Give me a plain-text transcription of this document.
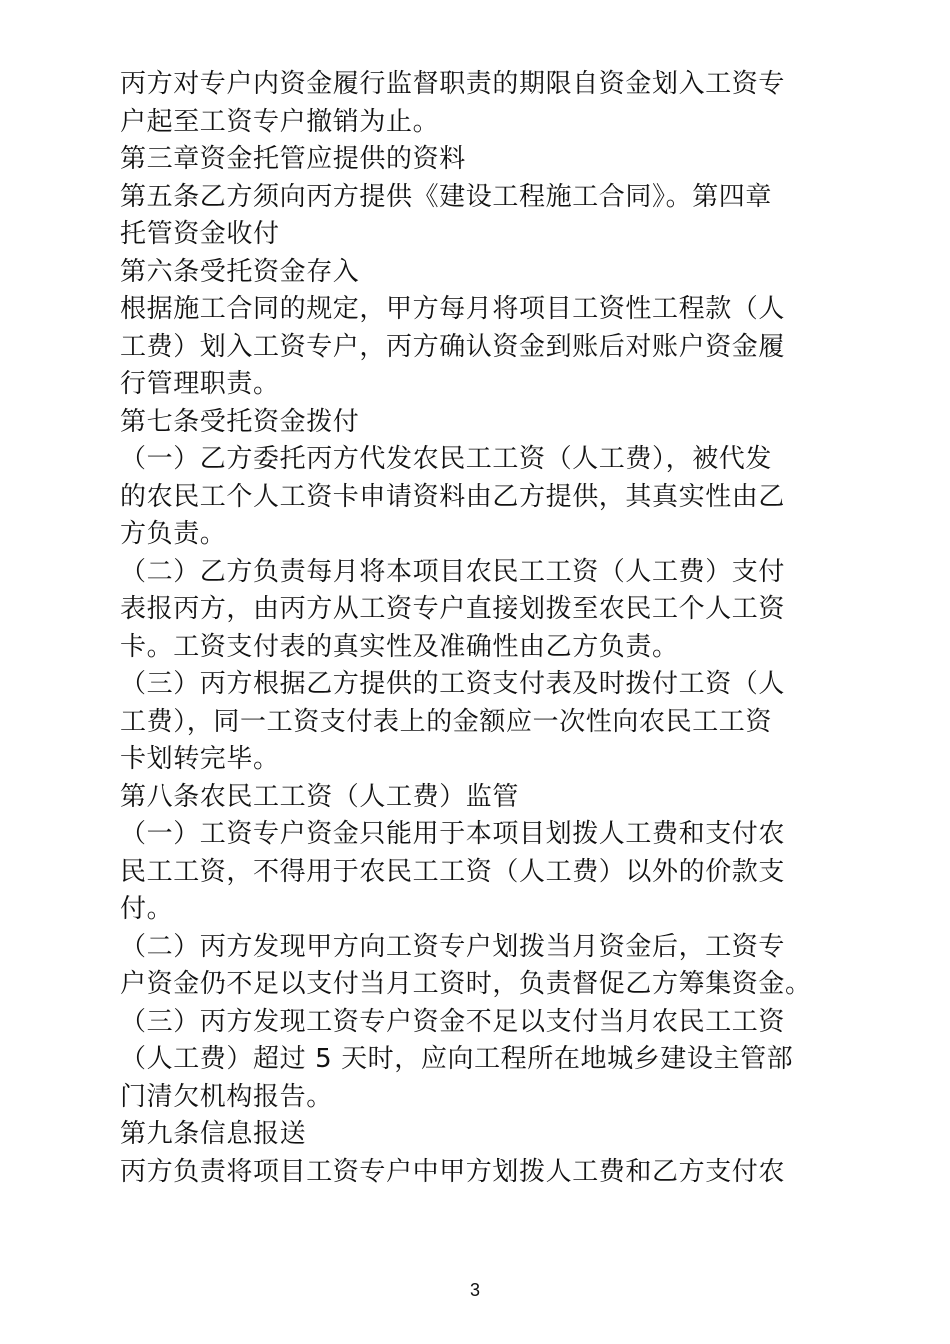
丙方对专户内资金履行监督职责的期限自资金划入工资专
户起至工资专户撤销为止。
第三章资金托管应提供的资料
第五条乙方须向丙方提供《建设工程施工合同》。第四章
托管资金收付
第六条受托资金存入
根据施工合同的规定，甲方每月将项目工资性工程款（人
工费）划入工资专户，丙方确认资金到账后对账户资金履
行管理职责。
第七条受托资金拨付
（一）乙方委托丙方代发农民工工资（人工费），被代发
的农民工个人工资卡申请资料由乙方提供，其真实性由乙
方负责。
（二）乙方负责每月将本项目农民工工资（人工费）支付
表报丙方，由丙方从工资专户直接划拨至农民工个人工资
卡。工资支付表的真实性及准确性由乙方负责。
（三）丙方根据乙方提供的工资支付表及时拨付工资（人
工费），同一工资支付表上的金额应一次性向农民工工资
卡划转完毕。
第八条农民工工资（人工费）监管
（一）工资专户资金只能用于本项目划拨人工费和支付农
民工工资，不得用于农民工工资（人工费）以外的价款支
付。
（二）丙方发现甲方向工资专户划拨当月资金后，工资专
户资金仍不足以支付当月工资时，负责督促乙方筹集资金。
（三）丙方发现工资专户资金不足以支付当月农民工工资
（人工费）超过 5 天时，应向工程所在地城乡建设主管部
门清欠机构报告。
第九条信息报送
丙方负责将项目工资专户中甲方划拨人工费和乙方支付农
3
